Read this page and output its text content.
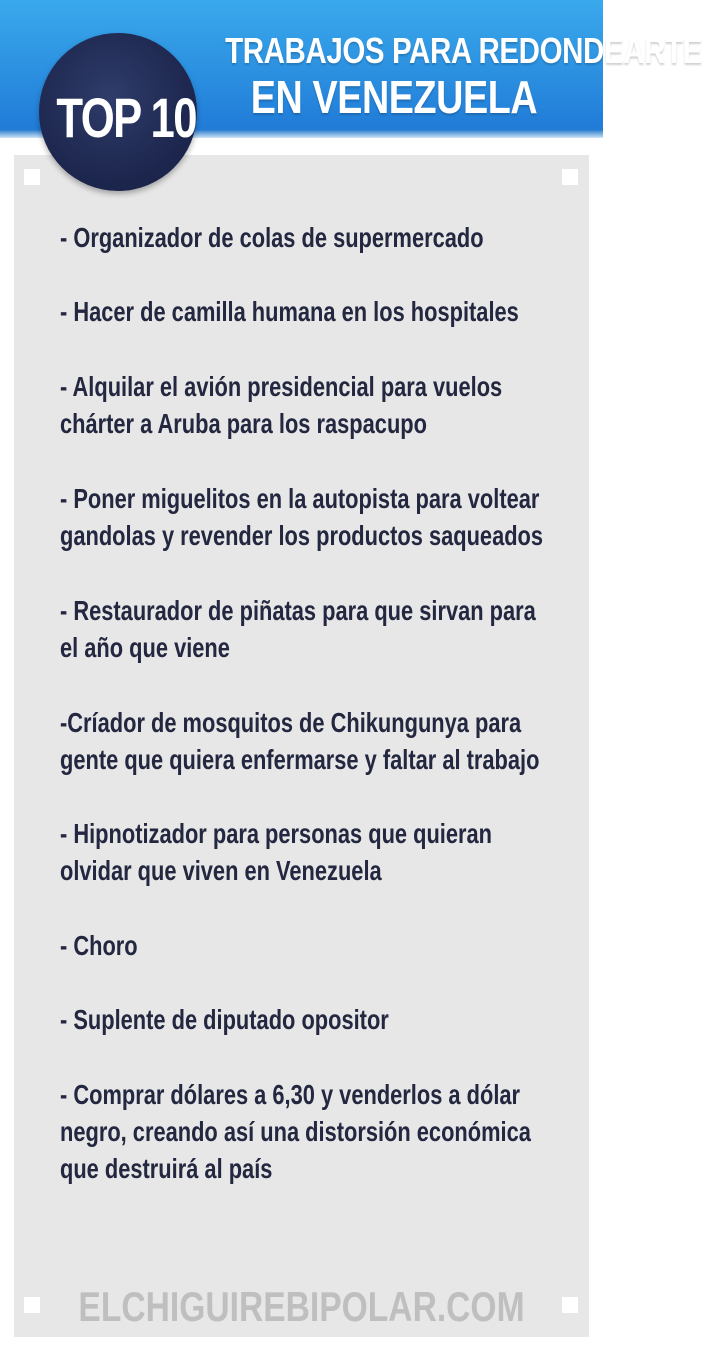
TRABAJOS PARA REDONDEARTE
EN VENEZUELA
TOP 10
- Organizador de colas de supermercado
- Hacer de camilla humana en los hospitales
- Alquilar el avión presidencial para vuelos chárter a Aruba para los raspacupo
- Poner miguelitos en la autopista para voltear gandolas y revender los productos saqueados
- Restaurador de piñatas para que sirvan para el año que viene
-Críador de mosquitos de Chikungunya para gente que quiera enfermarse y faltar al trabajo
- Hipnotizador para personas que quieran olvidar que viven en Venezuela
- Choro
- Suplente de diputado opositor
- Comprar dólares a 6,30 y venderlos a dólar negro, creando así una distorsión económica que destruirá al país
ELCHIGUIREBIPOLAR.COM
